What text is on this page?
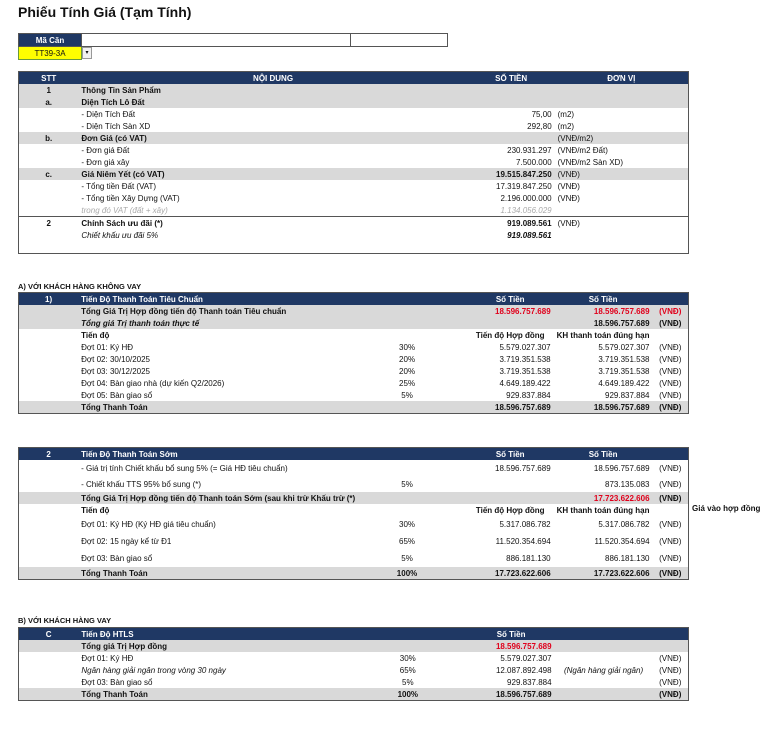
Phiếu Tính Giá (Tạm Tính)
Mã Căn		
TT39-3A	▾	
STT	NỘI DUNG	SỐ TIỀN	ĐƠN VỊ
1	Thông Tin Sản Phẩm		
a.	Diện Tích Lô Đất		
	- Diện Tích Đất	75,00	(m2)
	- Diện Tích Sàn XD	292,80	(m2)
b.	Đơn Giá (có VAT)		(VNĐ/m2)
	- Đơn giá Đất	230.931.297	(VNĐ/m2 Đất)
	- Đơn giá xây	7.500.000	(VNĐ/m2 Sàn XD)
c.	Giá Niêm Yết (có VAT)	19.515.847.250	(VNĐ)
	- Tổng tiền Đất (VAT)	17.319.847.250	(VNĐ)
	- Tổng tiền Xây Dựng (VAT)	2.196.000.000	(VNĐ)
	trong đó VAT (đất + xây)	1.134.056.029	
2	Chính Sách ưu đãi (*)	919.089.561	(VNĐ)
	Chiết khấu ưu đãi 5%	919.089.561	

A) VỚI KHÁCH HÀNG KHÔNG VAY
1)	Tiến Độ Thanh Toán Tiêu Chuẩn		Số Tiền	Số Tiền	
	Tổng Giá Trị Hợp đồng tiến độ Thanh toán Tiêu chuẩn		18.596.757.689	18.596.757.689	(VNĐ)
	Tổng giá Trị thanh toán thực tế			18.596.757.689	(VNĐ)
	Tiến độ		Tiến độ Hợp đồng	KH thanh toán đúng hạn	
	Đợt 01: Ký HĐ	30%	5.579.027.307	5.579.027.307	(VNĐ)
	Đợt 02: 30/10/2025	20%	3.719.351.538	3.719.351.538	(VNĐ)
	Đợt 03: 30/12/2025	20%	3.719.351.538	3.719.351.538	(VNĐ)
	Đợt 04: Bàn giao nhà (dự kiến Q2/2026)	25%	4.649.189.422	4.649.189.422	(VNĐ)
	Đợt 05: Bàn giao sổ	5%	929.837.884	929.837.884	(VNĐ)
	Tổng Thanh Toán		18.596.757.689	18.596.757.689	(VNĐ)
2	Tiến Độ Thanh Toán Sớm		Số Tiền	Số Tiền	
	- Giá trị tính Chiết khấu bổ sung 5% (= Giá HĐ tiêu chuẩn)		18.596.757.689	18.596.757.689	(VNĐ)
	- Chiết khấu TTS 95% bổ sung (*)	5%		873.135.083	(VNĐ)
	Tổng Giá Trị Hợp đồng tiến độ Thanh toán Sớm (sau khi trừ Khấu trừ (*)			17.723.622.606	(VNĐ)
	Tiến độ		Tiến độ Hợp đồng	KH thanh toán đúng hạn	
	Đợt 01: Ký HĐ (Ký HĐ giá tiêu chuẩn)	30%	5.317.086.782	5.317.086.782	(VNĐ)
	Đợt 02: 15 ngày kể từ Đ1	65%	11.520.354.694	11.520.354.694	(VNĐ)
	Đợt 03: Bàn giao sổ	5%	886.181.130	886.181.130	(VNĐ)
	Tổng Thanh Toán	100%	17.723.622.606	17.723.622.606	(VNĐ)
Giá vào hợp đồng
B) VỚI KHÁCH HÀNG VAY
C	Tiến Độ HTLS		Số Tiền		
	Tổng giá Trị Hợp đồng		18.596.757.689		
	Đợt 01: Ký HĐ	30%	5.579.027.307		(VNĐ)
	Ngân hàng giải ngân trong vòng 30 ngày	65%	12.087.892.498	(Ngân hàng giải ngân)	(VNĐ)
	Đợt 03: Bàn giao sổ	5%	929.837.884		(VNĐ)
	Tổng Thanh Toán	100%	18.596.757.689		(VNĐ)
